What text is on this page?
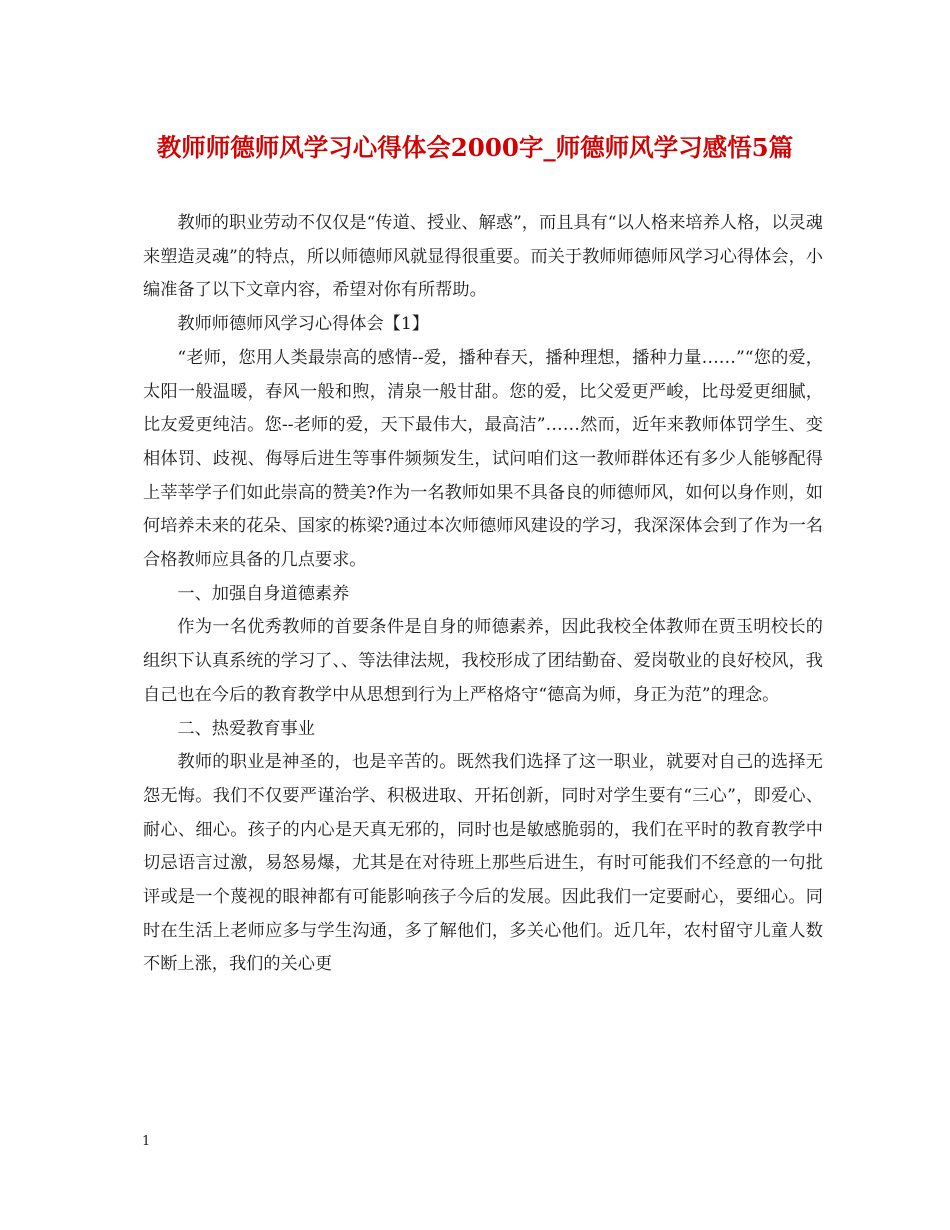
教师师德师风学习心得体会2000字_师德师风学习感悟5篇

教师的职业劳动不仅仅是“传道、授业、解惑”，而且具有“以人格来培养人格，以灵魂来塑造灵魂”的特点，所以师德师风就显得很重要。而关于教师师德师风学习心得体会，小编准备了以下文章内容，希望对你有所帮助。

教师师德师风学习心得体会【1】

“老师，您用人类最崇高的感情--爱，播种春天，播种理想，播种力量……”“您的爱，太阳一般温暖，春风一般和煦，清泉一般甘甜。您的爱，比父爱更严峻，比母爱更细腻，比友爱更纯洁。您--老师的爱，天下最伟大，最高洁”……然而，近年来教师体罚学生、变相体罚、歧视、侮辱后进生等事件频频发生，试问咱们这一教师群体还有多少人能够配得上莘莘学子们如此崇高的赞美?作为一名教师如果不具备良的师德师风，如何以身作则，如何培养未来的花朵、国家的栋梁?通过本次师德师风建设的学习，我深深体会到了作为一名合格教师应具备的几点要求。

一、加强自身道德素养

作为一名优秀教师的首要条件是自身的师德素养，因此我校全体教师在贾玉明校长的组织下认真系统的学习了、、等法律法规，我校形成了团结勤奋、爱岗敬业的良好校风，我自己也在今后的教育教学中从思想到行为上严格烙守“德高为师，身正为范”的理念。

二、热爱教育事业

教师的职业是神圣的，也是辛苦的。既然我们选择了这一职业，就要对自己的选择无怨无悔。我们不仅要严谨治学、积极进取、开拓创新，同时对学生要有“三心”，即爱心、耐心、细心。孩子的内心是天真无邪的，同时也是敏感脆弱的，我们在平时的教育教学中切忌语言过激，易怒易爆，尤其是在对待班上那些后进生，有时可能我们不经意的一句批评或是一个蔑视的眼神都有可能影响孩子今后的发展。因此我们一定要耐心，要细心。同时在生活上老师应多与学生沟通，多了解他们，多关心他们。近几年，农村留守儿童人数不断上涨，我们的关心更

1
